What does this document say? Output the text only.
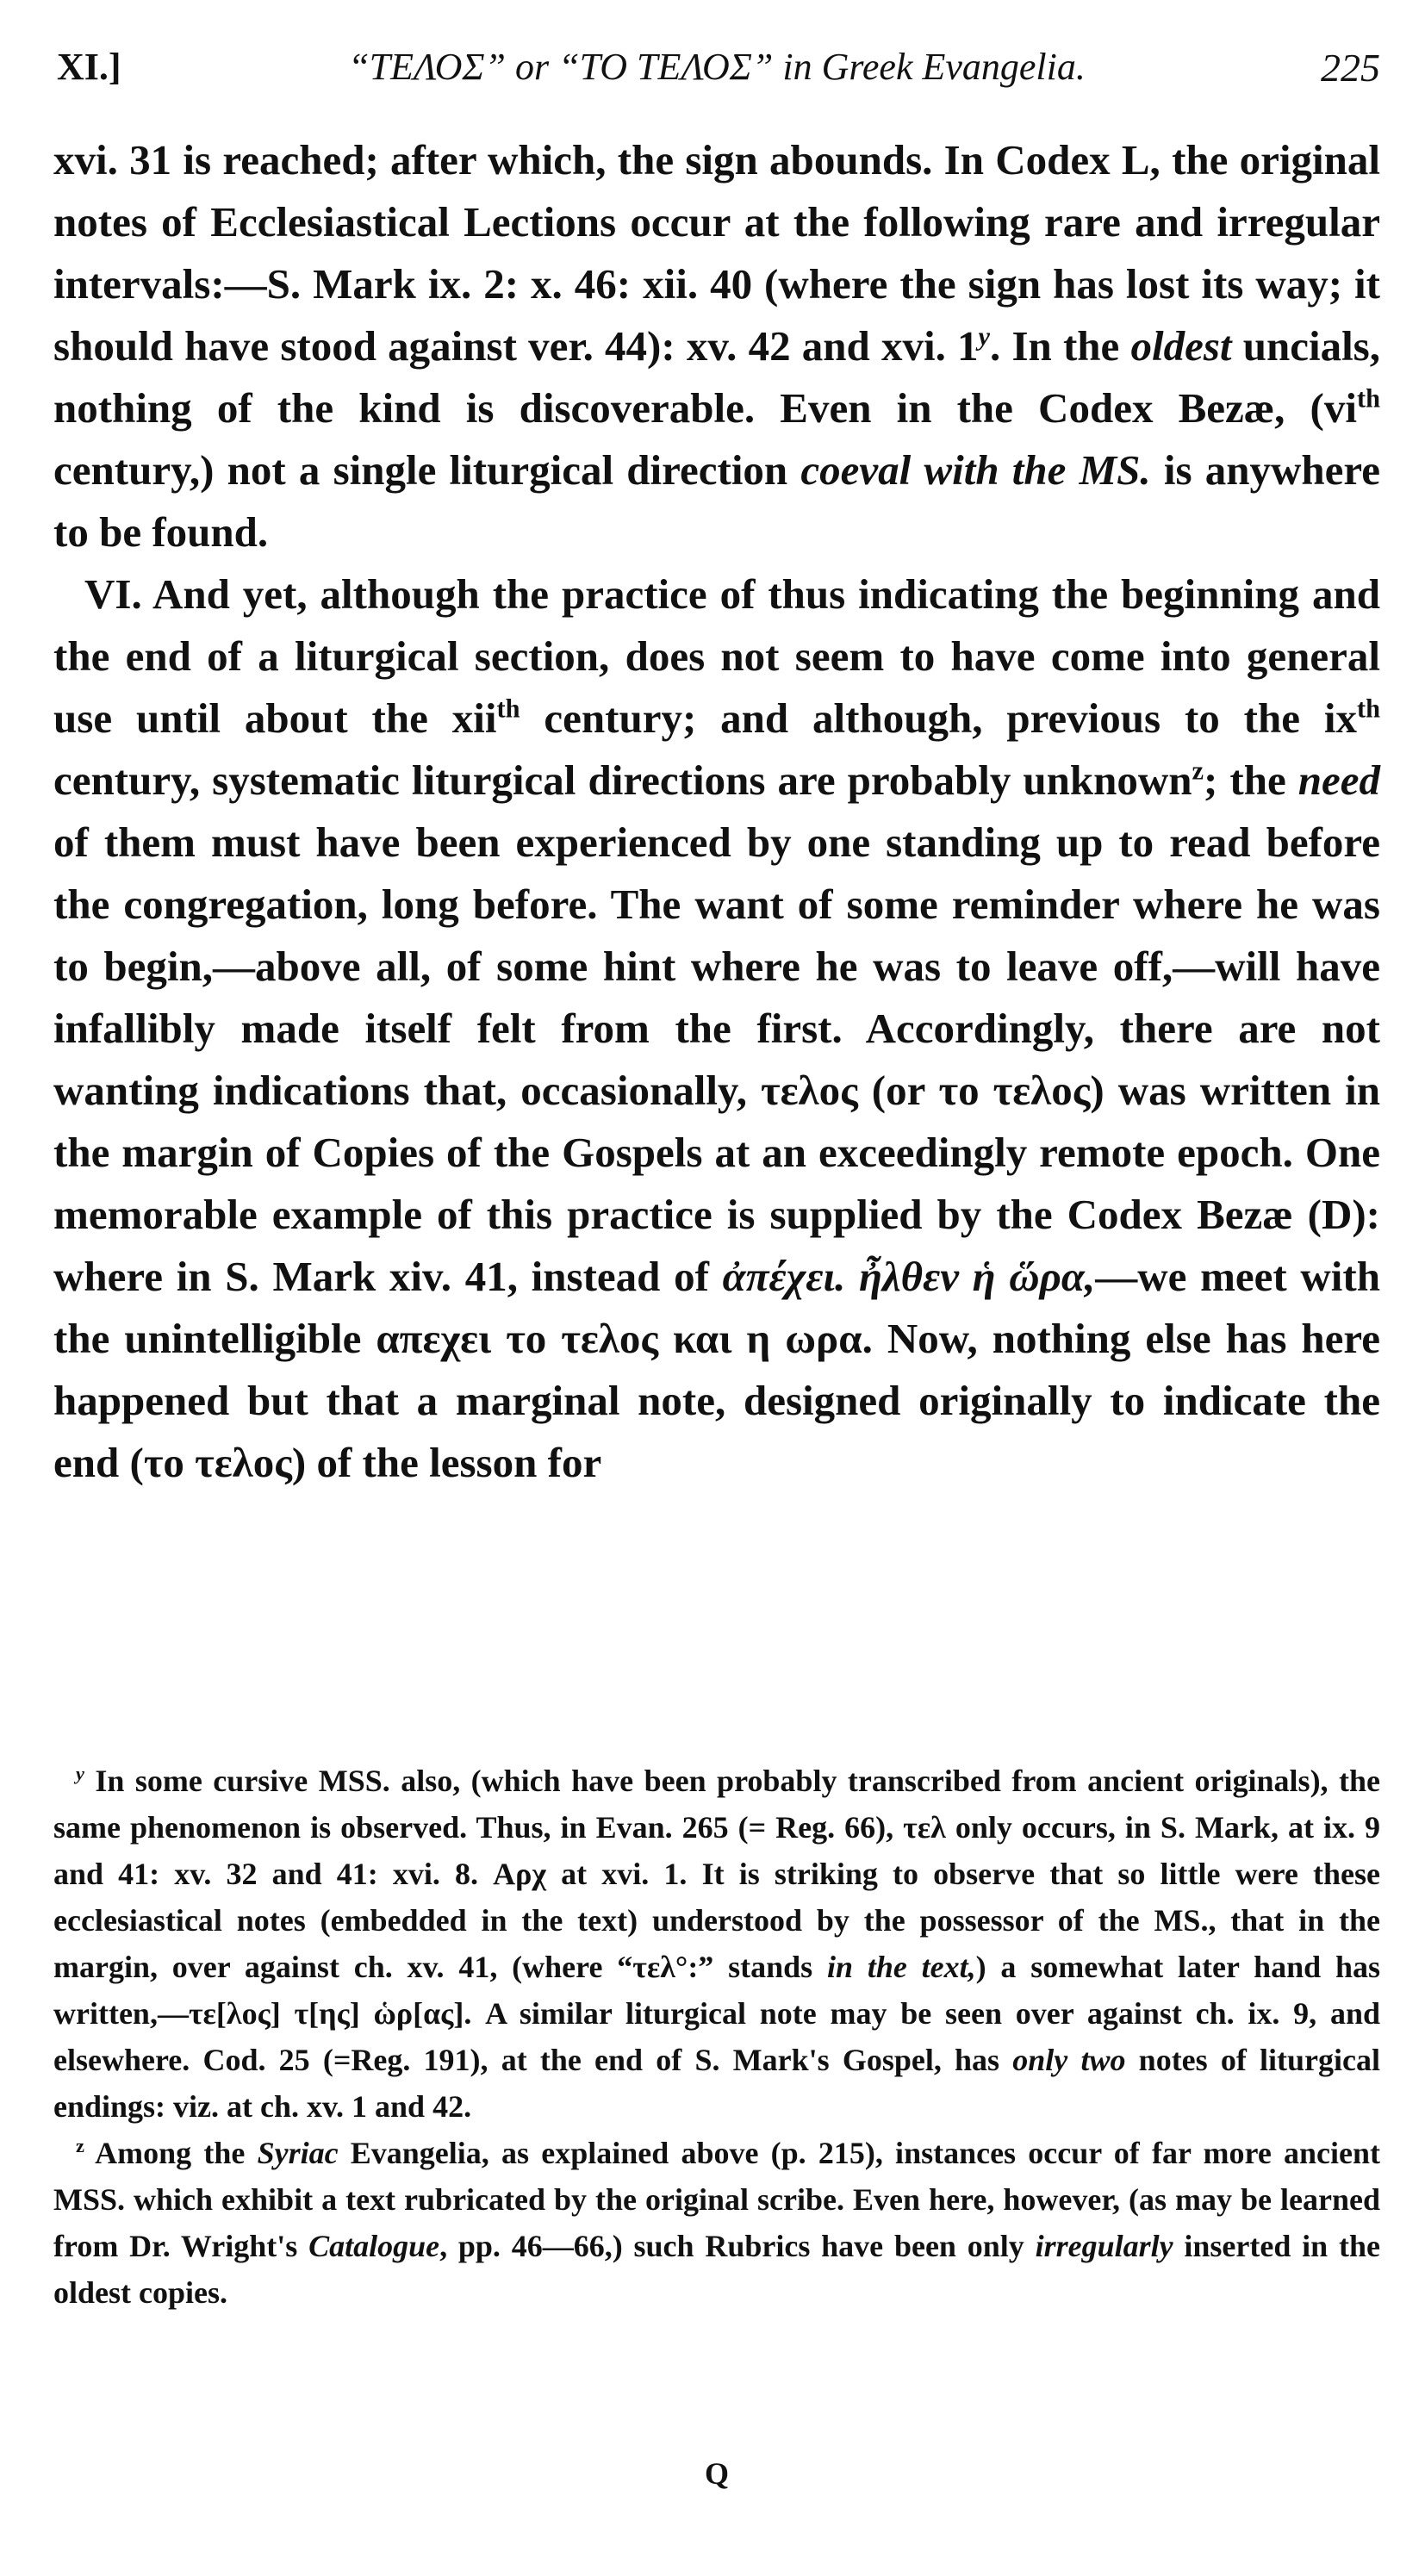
XI.]	“ΤΕΛΟΣ” or “ΤΟ ΤΕΛΟΣ” in Greek Evangelia.	225

xvi. 31 is reached; after which, the sign abounds. In Codex L, the original notes of Ecclesiastical Lections occur at the following rare and irregular intervals:—S. Mark ix. 2: x. 46: xii. 40 (where the sign has lost its way; it should have stood against ver. 44): xv. 42 and xvi. 1$^y$. In the oldest uncials, nothing of the kind is discoverable. Even in the Codex Bezæ, ($vi^{th}$ century,) not a single liturgical direction coeval with the MS. is anywhere to be found.

VI. And yet, although the practice of thus indicating the beginning and the end of a liturgical section, does not seem to have come into general use until about the xii$^{th}$ century; and although, previous to the $ix^{th}$ century, systematic liturgical directions are probably unknown$^z$; the need of them must have been experienced by one standing up to read before the congregation, long before. The want of some reminder where he was to begin,—above all, of some hint where he was to leave off,—will have infallibly made itself felt from the first. Accordingly, there are not wanting indications that, occasionally, τελος (or το τελος) was written in the margin of Copies of the Gospels at an exceedingly remote epoch. One memorable example of this practice is supplied by the Codex Bezæ (D): where in S. Mark xiv. 41, instead of ἀπέχει. ἦλθεν ἡ ὥρα,—we meet with the unintelligible απεχει το τελος και η ωρα. Now, nothing else has here happened but that a marginal note, designed originally to indicate the end (το τελος) of the lesson for

$^y$ In some cursive MSS. also, (which have been probably transcribed from ancient originals), the same phenomenon is observed. Thus, in Evan. 265 (= Reg. 66), τελ only occurs, in S. Mark, at ix. 9 and 41: xv. 32 and 41: xvi. 8. Αρχ at xvi. 1. It is striking to observe that so little were these ecclesiastical notes (embedded in the text) understood by the possessor of the MS., that in the margin, over against ch. xv. 41, (where “τελ°:” stands in the text,) a somewhat later hand has written,—τε[λος] τ[ης] ὡρ[ας]. A similar liturgical note may be seen over against ch. ix. 9, and elsewhere. Cod. 25 (=Reg. 191), at the end of S. Mark's Gospel, has only two notes of liturgical endings: viz. at ch. xv. 1 and 42.

$^z$ Among the Syriac Evangelia, as explained above (p. 215), instances occur of far more ancient MSS. which exhibit a text rubricated by the original scribe. Even here, however, (as may be learned from Dr. Wright's Catalogue, pp. 46—66,) such Rubrics have been only irregularly inserted in the oldest copies.

Q
